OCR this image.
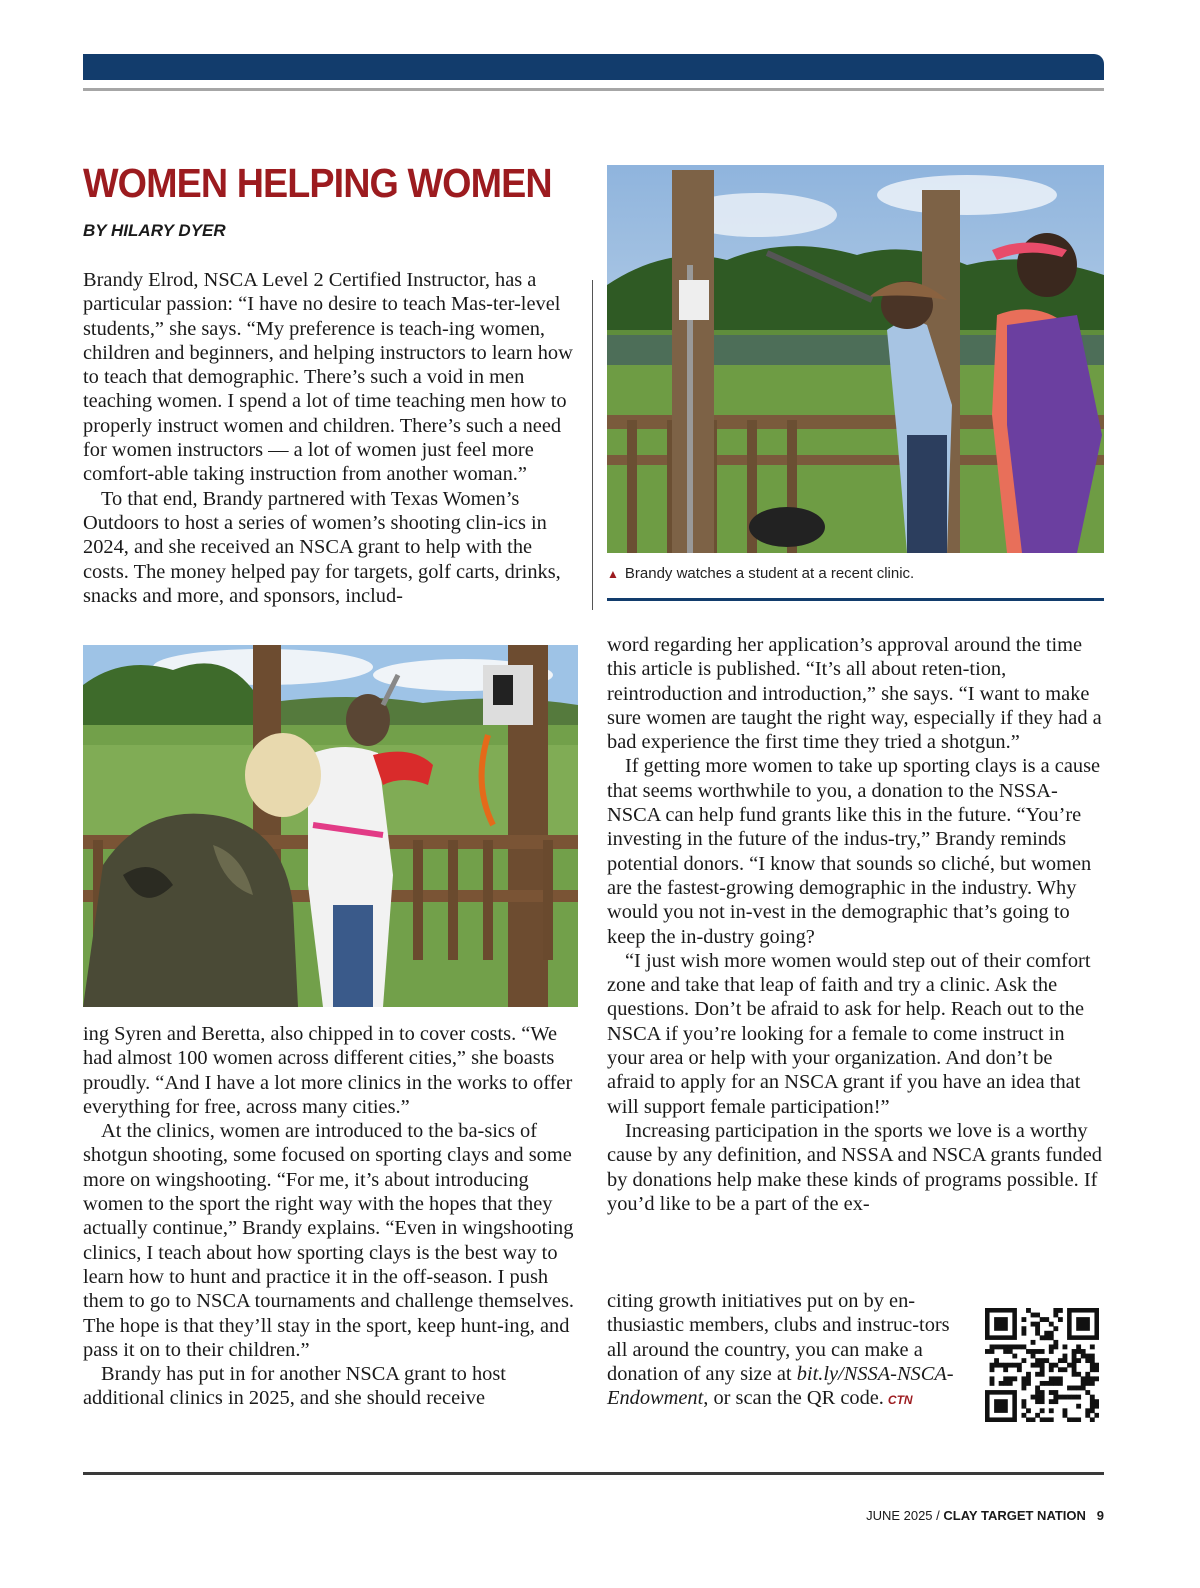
WOMEN HELPING WOMEN
BY HILARY DYER

Brandy Elrod, NSCA Level 2 Certified Instructor, has a particular passion: “I have no desire to teach Mas-ter-level students,” she says. “My preference is teach-ing women, children and beginners, and helping instructors to learn how to teach that demographic. There’s such a void in men teaching women. I spend a lot of time teaching men how to properly instruct women and children. There’s such a need for women instructors — a lot of women just feel more comfort-able taking instruction from another woman.”

To that end, Brandy partnered with Texas Women’s Outdoors to host a series of women’s shooting clin-ics in 2024, and she received an NSCA grant to help with the costs. The money helped pay for targets, golf carts, drinks, snacks and more, and sponsors, includ-

▲ Brandy watches a student at a recent clinic.

ing Syren and Beretta, also chipped in to cover costs. “We had almost 100 women across different cities,” she boasts proudly. “And I have a lot more clinics in the works to offer everything for free, across many cities.”

At the clinics, women are introduced to the ba-sics of shotgun shooting, some focused on sporting clays and some more on wingshooting. “For me, it’s about introducing women to the sport the right way with the hopes that they actually continue,” Brandy explains. “Even in wingshooting clinics, I teach about how sporting clays is the best way to learn how to hunt and practice it in the off-season. I push them to go to NSCA tournaments and challenge themselves. The hope is that they’ll stay in the sport, keep hunt-ing, and pass it on to their children.”

Brandy has put in for another NSCA grant to host additional clinics in 2025, and she should receive

word regarding her application’s approval around the time this article is published. “It’s all about reten-tion, reintroduction and introduction,” she says. “I want to make sure women are taught the right way, especially if they had a bad experience the first time they tried a shotgun.”

If getting more women to take up sporting clays is a cause that seems worthwhile to you, a donation to the NSSA-NSCA can help fund grants like this in the future. “You’re investing in the future of the indus-try,” Brandy reminds potential donors. “I know that sounds so cliché, but women are the fastest-growing demographic in the industry. Why would you not in-vest in the demographic that’s going to keep the in-dustry going?

“I just wish more women would step out of their comfort zone and take that leap of faith and try a clinic. Ask the questions. Don’t be afraid to ask for help. Reach out to the NSCA if you’re looking for a female to come instruct in your area or help with your organization. And don’t be afraid to apply for an NSCA grant if you have an idea that will support female participation!”

Increasing participation in the sports we love is a worthy cause by any definition, and NSSA and NSCA grants funded by donations help make these kinds of programs possible. If you’d like to be a part of the ex-

citing growth initiatives put on by en-thusiastic members, clubs and instruc-tors all around the country, you can make a donation of any size at bit.ly/NSSA-NSCA-Endowment, or scan the QR code. CTN

JUNE 2025 / CLAY TARGET NATION 9
